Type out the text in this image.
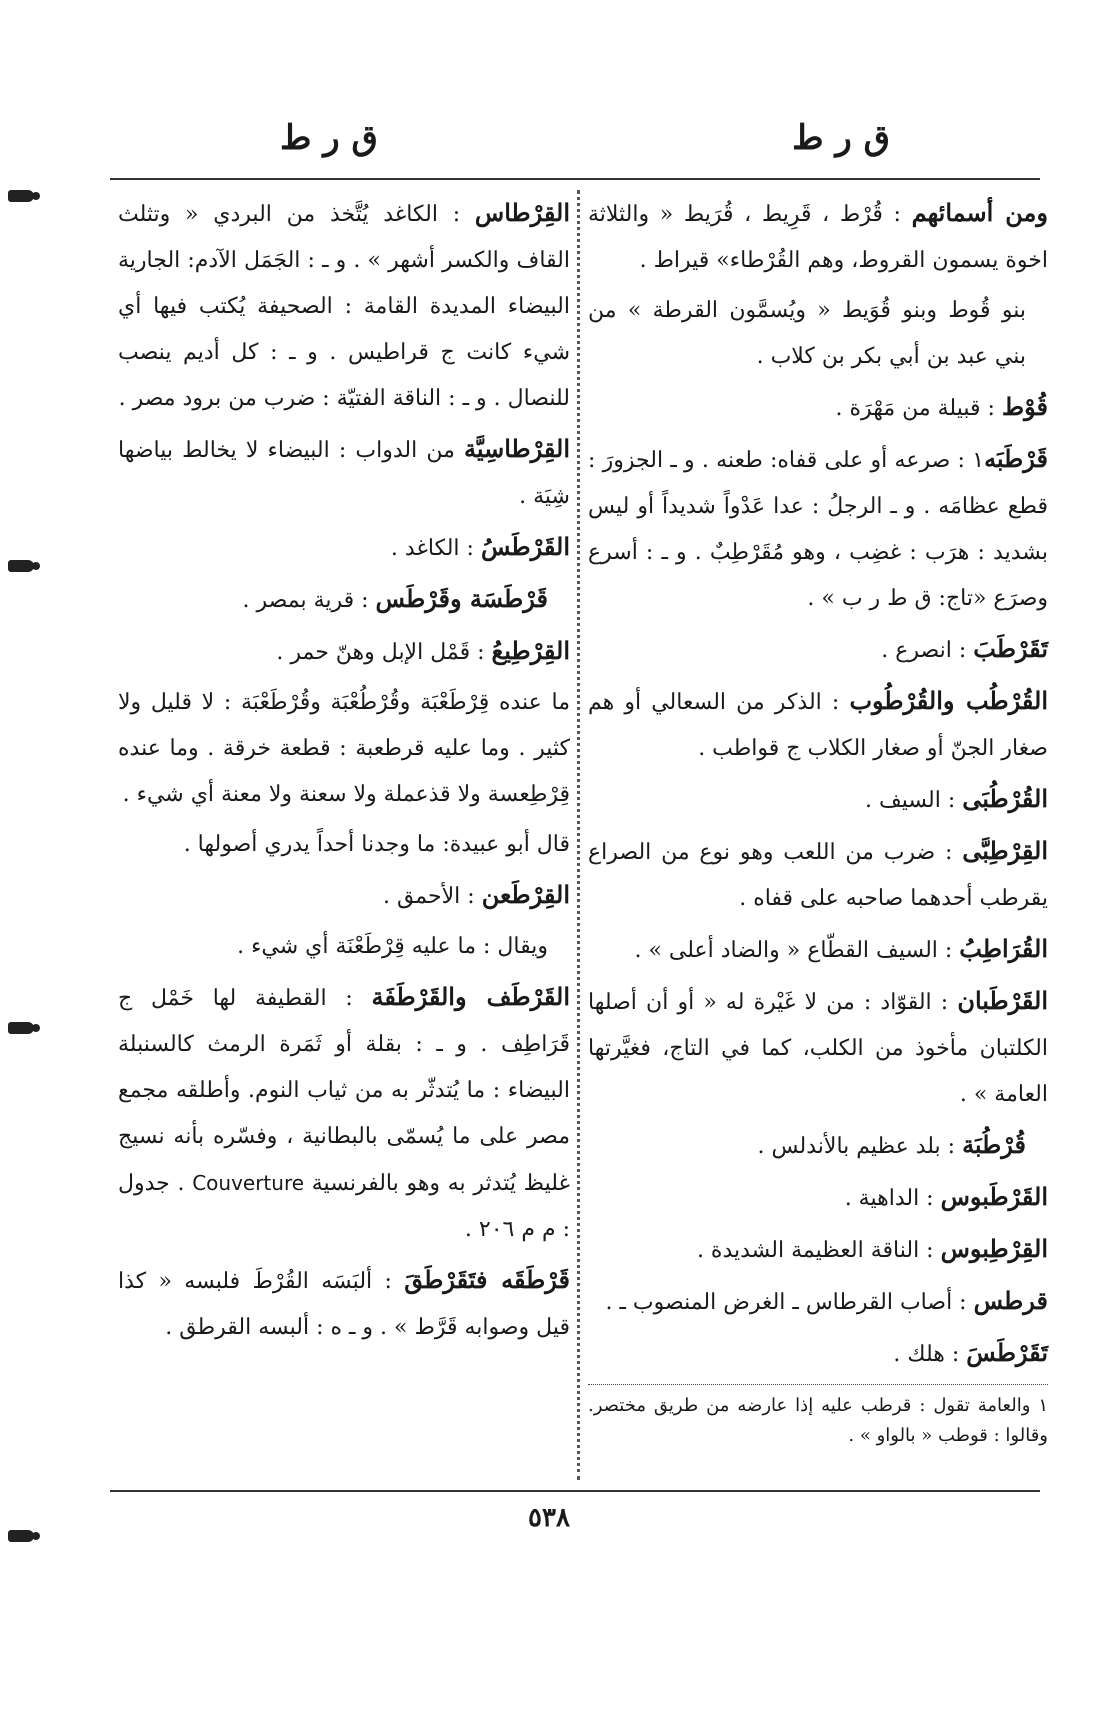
ق ر ط
ق ر ط
ومن أسمائهم : قُرْط ، قَرِيط ، قُرَيط « والثلاثة اخوة يسمون القروط، وهم القُرْطاء» قيراط .
بنو قُوط وبنو قُوَيط « ويُسمَّون القرطة » من بني عبد بن أبي بكر بن كلاب .
قُوْط : قبيلة من مَهْرَة .
قَرْطَبَه١ : صرعه أو على قفاه: طعنه . و ـ الجزورَ : قطع عظامَه . و ـ الرجلُ : عدا عَدْواً شديداً أو ليس بشديد : هرَب : غضِب ، وهو مُقَرْطِبٌ . و ـ : أسرع وصرَع «تاج: ق ط ر ب » .
تَقَرْطَبَ : انصرع .
القُرْطُب والقُرْطُوب : الذكر من السعالي أو هم صغار الجنّ أو صغار الكلاب ج قواطب .
القُرْطُبَى : السيف .
القِرْطِبَّى : ضرب من اللعب وهو نوع من الصراع يقرطب أحدهما صاحبه على قفاه .
القُرَاطِبُ : السيف القطّاع « والضاد أعلى » .
القَرْطَبان : القوّاد : من لا غَيْرة له « أو أن أصلها الكلتبان مأخوذ من الكلب، كما في التاج، فغيَّرتها العامة » .
قُرْطُبَة : بلد عظيم بالأندلس .
القَرْطَبوس : الداهية .
القِرْطِبوس : الناقة العظيمة الشديدة .
قرطس : أصاب القرطاس ـ الغرض المنصوب ـ .
تَقَرْطَسَ : هلك .
١ والعامة تقول : قرطب عليه إذا عارضه من طريق مختصر. وقالوا : قوطب « بالواو » .
القِرْطاس : الكاغد يُتَّخذ من البردي « وتثلث القاف والكسر أشهر » . و ـ : الجَمَل الآدم: الجارية البيضاء المديدة القامة : الصحيفة يُكتب فيها أي شيء كانت ج قراطيس . و ـ : كل أديم ينصب للنصال . و ـ : الناقة الفتيّة : ضرب من برود مصر .
القِرْطاسِيَّة من الدواب : البيضاء لا يخالط بياضها شِيَة .
القَرْطَسُ : الكاغد .
قَرْطَسَة وقَرْطَس : قرية بمصر .
القِرْطِيعُ : قَمْل الإبل وهنّ حمر .
ما عنده قِرْطَعْبَة وقُرْطُعْبَة وقُرْطَعْبَة : لا قليل ولا كثير . وما عليه قرطعبة : قطعة خرقة . وما عنده قِرْطِعسة ولا قذعملة ولا سعنة ولا معنة أي شيء .
قال أبو عبيدة: ما وجدنا أحداً يدري أصولها .
القِرْطَعن : الأحمق .
ويقال : ما عليه قِرْطَعْنَة أي شيء .
القَرْطَف والقَرْطَفَة : القطيفة لها خَمْل ج قَرَاطِف . و ـ : بقلة أو ثَمَرة الرمث كالسنبلة البيضاء : ما يُتدثّر به من ثياب النوم. وأطلقه مجمع مصر على ما يُسمّى بالبطانية ، وفسّره بأنه نسيج غليظ يُتدثر به وهو بالفرنسية Couverture . جدول : م م ٢٠٦ .
قَرْطَقَه فتَقَرْطَقَ : ألبَسَه القُرْطَ فلبسه « كذا قيل وصوابه قَرَّط » . و ـ ه : ألبسه القرطق .
٥٣٨
